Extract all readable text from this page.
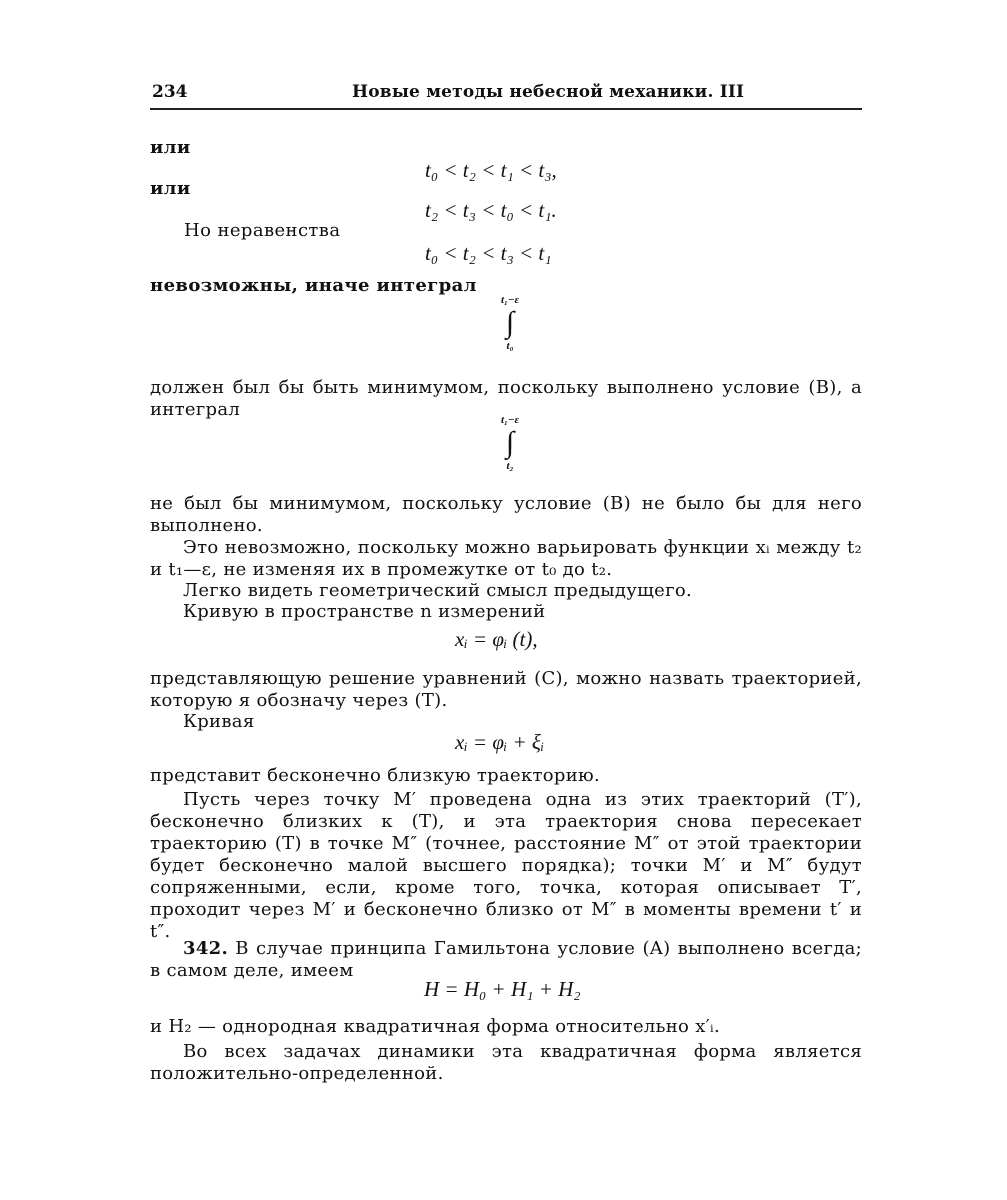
234	Новые методы небесной механики. III
или
t₀ < t₂ < t₁ < t₃,
или
t₂ < t₃ < t₀ < t₁.
Но неравенства
t₀ < t₂ < t₃ < t₁
невозможны, иначе интеграл
t₁−ε
∫
t₀
должен был бы быть минимумом, поскольку выполнено условие (B), а интеграл	t₁−ε
∫
t₂
не был бы минимумом, поскольку условие (B) не было бы для него выполнено.
Это невозможно, поскольку можно варьировать функции xᵢ между t₂ и t₁—ε, не изменяя их в промежутке от t₀ до t₂.
Легко видеть геометрический смысл предыдущего.
Кривую в пространстве n измерений
xᵢ = φᵢ (t),
представляющую решение уравнений (C), можно назвать траекторией, которую я обозначу через (T).
Кривая
xᵢ = φᵢ + ξᵢ
представит бесконечно близкую траекторию.
Пусть через точку M′ проведена одна из этих траекторий (T′), бесконечно близких к (T), и эта траектория снова пересекает траекторию (T) в точке M″ (точнее, расстояние M″ от этой траектории будет бесконечно малой высшего порядка); точки M′ и M″ будут сопряженными, если, кроме того, точка, которая описывает T′, проходит через M′ и бесконечно близко от M″ в моменты времени t′ и t″.
342. В случае принципа Гамильтона условие (A) выполнено всегда; в самом деле, имеем
H = H₀ + H₁ + H₂
и H₂ — однородная квадратичная форма относительно x′ᵢ.
Во всех задачах динамики эта квадратичная форма является положительно-определенной.
